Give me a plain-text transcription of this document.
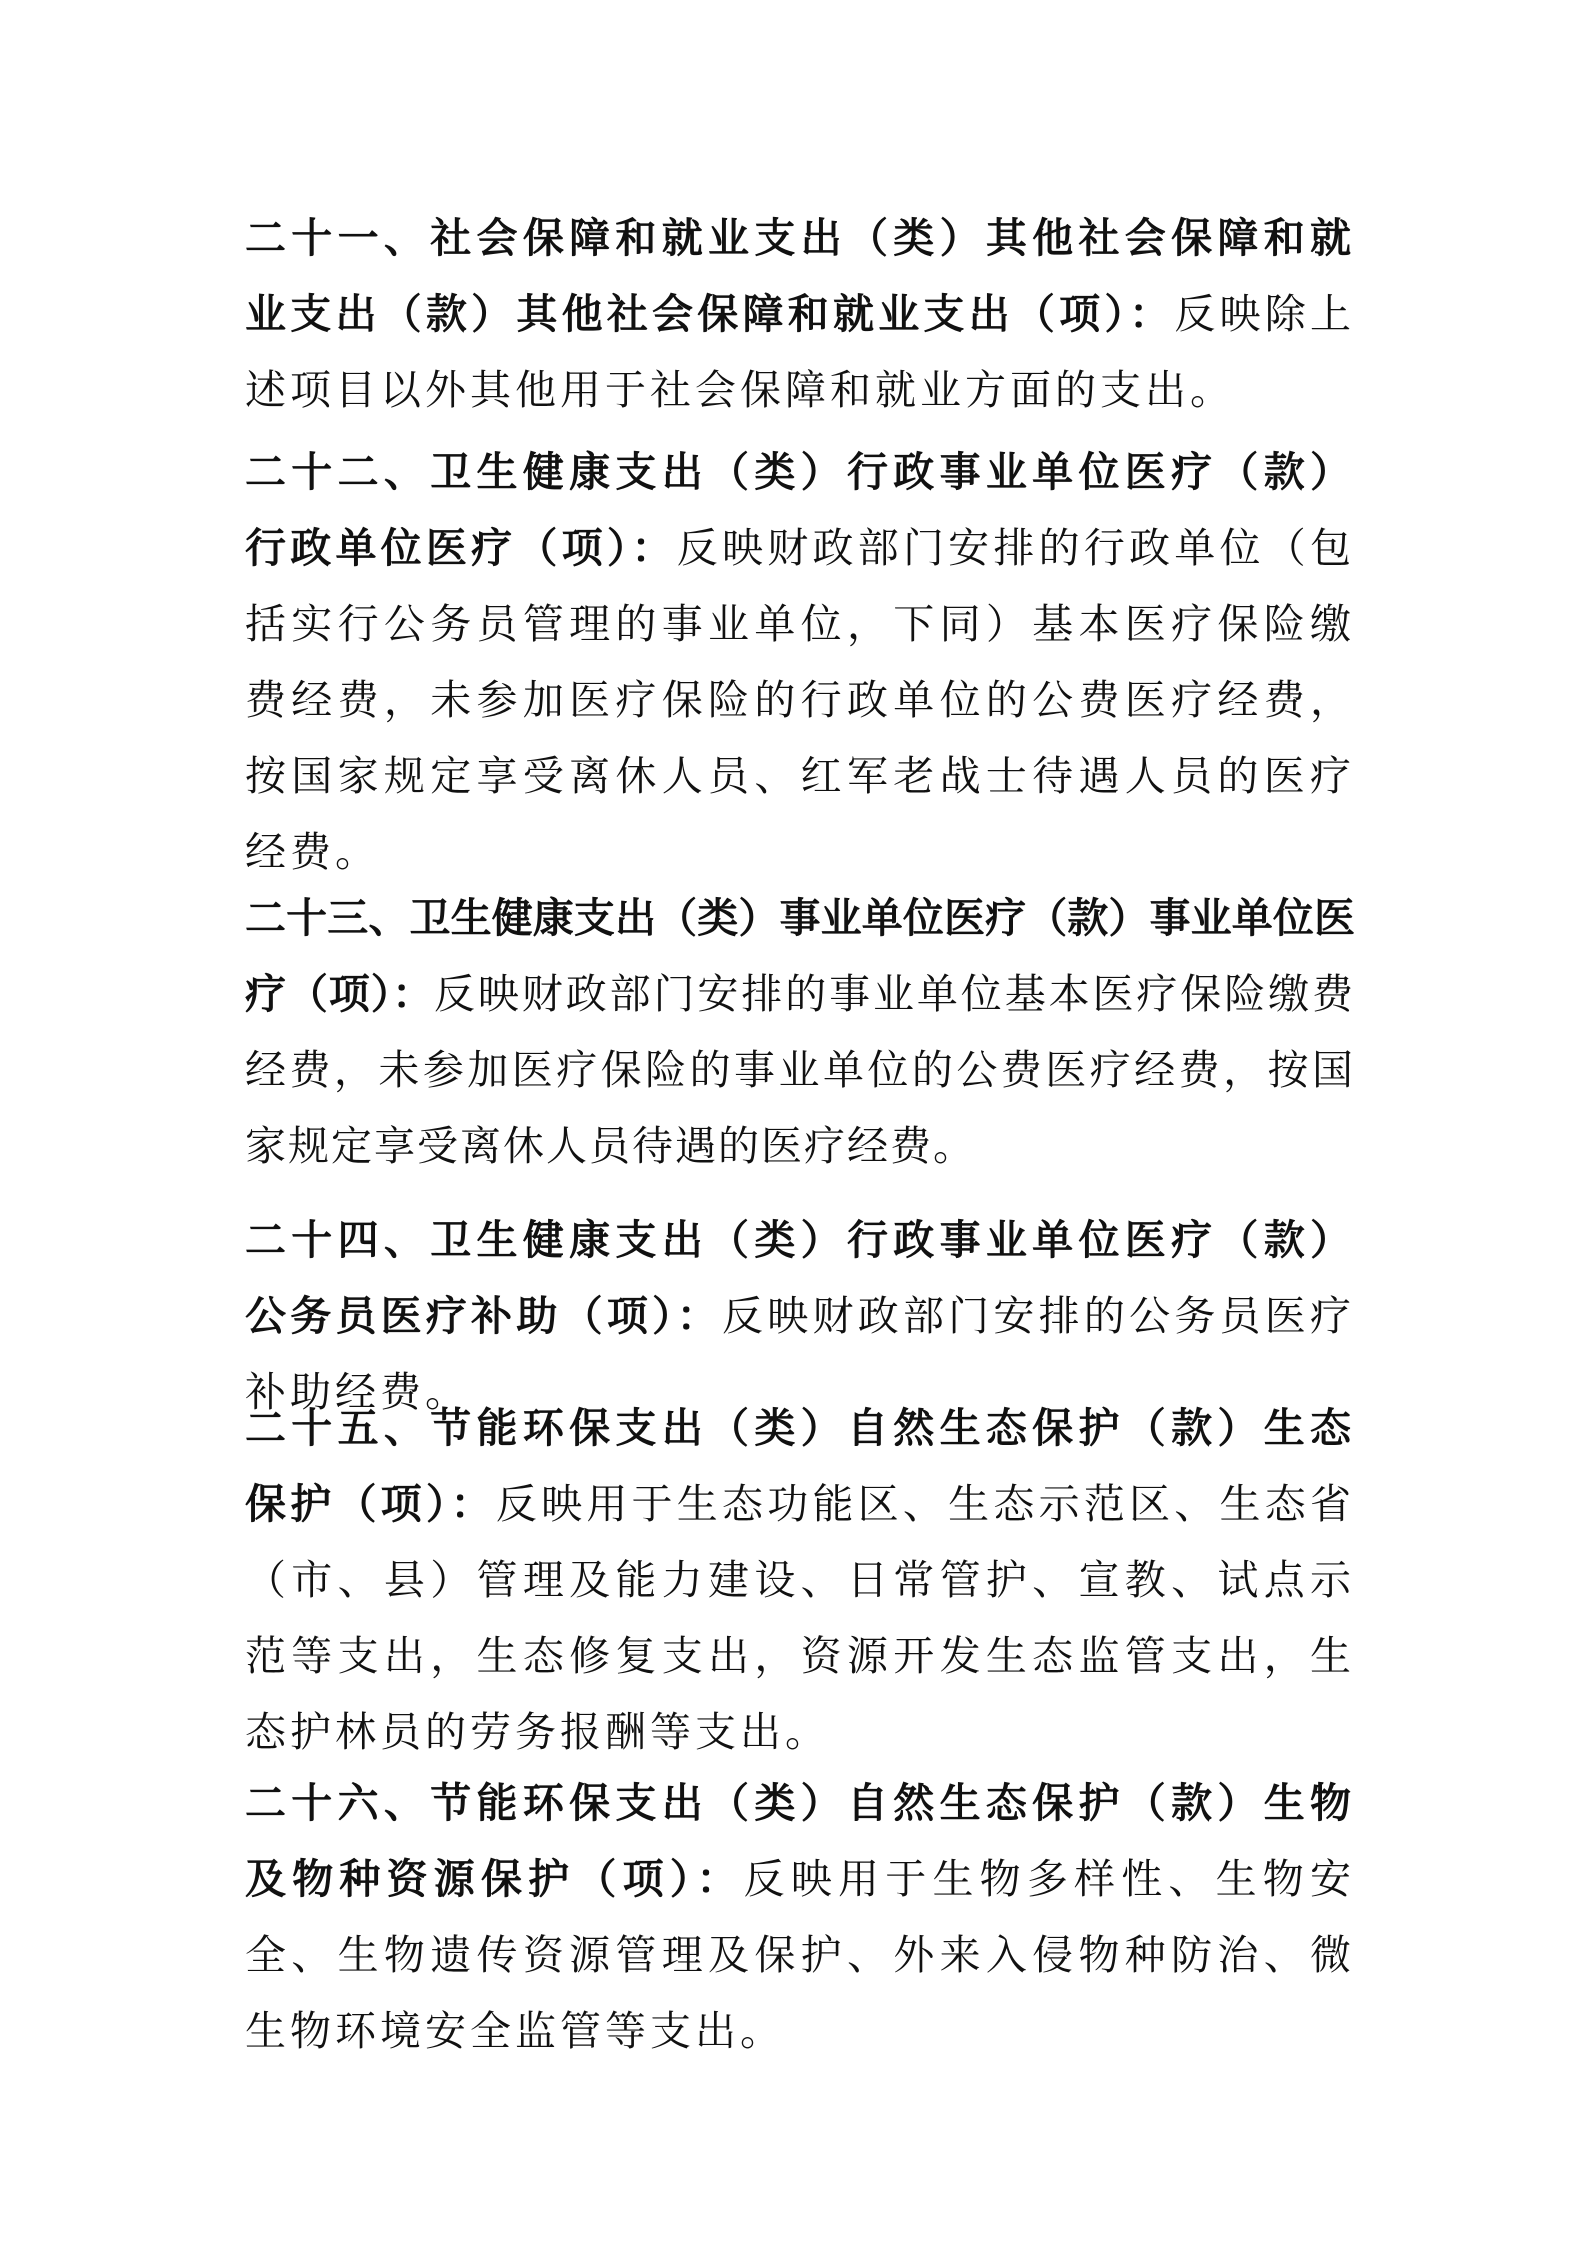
二十一、社会保障和就业支出（类）其他社会保障和就业支出（款）其他社会保障和就业支出（项）：反映除上述项目以外其他用于社会保障和就业方面的支出。

二十二、卫生健康支出（类）行政事业单位医疗（款）行政单位医疗（项）：反映财政部门安排的行政单位（包括实行公务员管理的事业单位，下同）基本医疗保险缴费经费，未参加医疗保险的行政单位的公费医疗经费，按国家规定享受离休人员、红军老战士待遇人员的医疗经费。

二十三、卫生健康支出（类）事业单位医疗（款）事业单位医疗（项）：反映财政部门安排的事业单位基本医疗保险缴费经费，未参加医疗保险的事业单位的公费医疗经费，按国家规定享受离休人员待遇的医疗经费。

二十四、卫生健康支出（类）行政事业单位医疗（款）公务员医疗补助（项）：反映财政部门安排的公务员医疗补助经费。

二十五、节能环保支出（类）自然生态保护（款）生态保护（项）：反映用于生态功能区、生态示范区、生态省（市、县）管理及能力建设、日常管护、宣教、试点示范等支出，生态修复支出，资源开发生态监管支出，生态护林员的劳务报酬等支出。

二十六、节能环保支出（类）自然生态保护（款）生物及物种资源保护（项）：反映用于生物多样性、生物安全、生物遗传资源管理及保护、外来入侵物种防治、微生物环境安全监管等支出。
